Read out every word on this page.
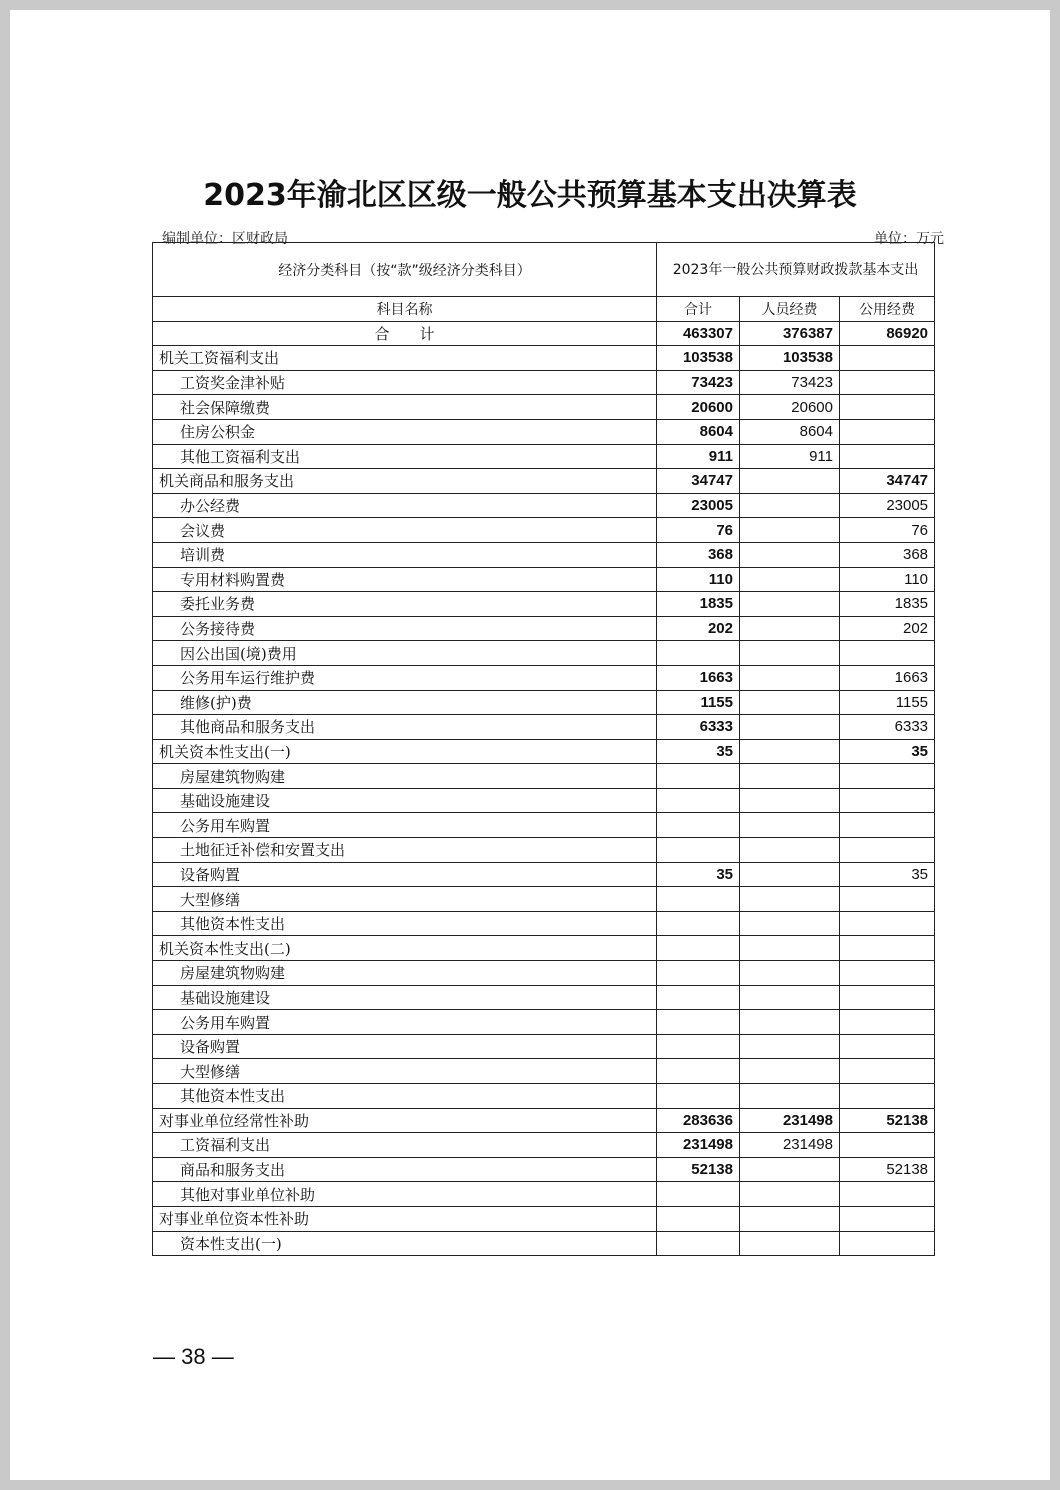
2023年渝北区区级一般公共预算基本支出决算表
编制单位：区财政局	单位：万元
经济分类科目（按“款”级经济分类科目）	2023年一般公共预算财政拨款基本支出		
科目名称	合计	人员经费	公用经费
合　　计	463307	376387	86920
机关工资福利支出	103538	103538	
工资奖金津补贴	73423	73423	
社会保障缴费	20600	20600	
住房公积金	8604	8604	
其他工资福利支出	911	911	
机关商品和服务支出	34747		34747
办公经费	23005		23005
会议费	76		76
培训费	368		368
专用材料购置费	110		110
委托业务费	1835		1835
公务接待费	202		202
因公出国(境)费用			
公务用车运行维护费	1663		1663
维修(护)费	1155		1155
其他商品和服务支出	6333		6333
机关资本性支出(一)	35		35
房屋建筑物购建			
基础设施建设			
公务用车购置			
土地征迁补偿和安置支出			
设备购置	35		35
大型修缮			
其他资本性支出			
机关资本性支出(二)			
房屋建筑物购建			
基础设施建设			
公务用车购置			
设备购置			
大型修缮			
其他资本性支出			
对事业单位经常性补助	283636	231498	52138
工资福利支出	231498	231498	
商品和服务支出	52138		52138
其他对事业单位补助			
对事业单位资本性补助			
资本性支出(一)			
— 38 —
